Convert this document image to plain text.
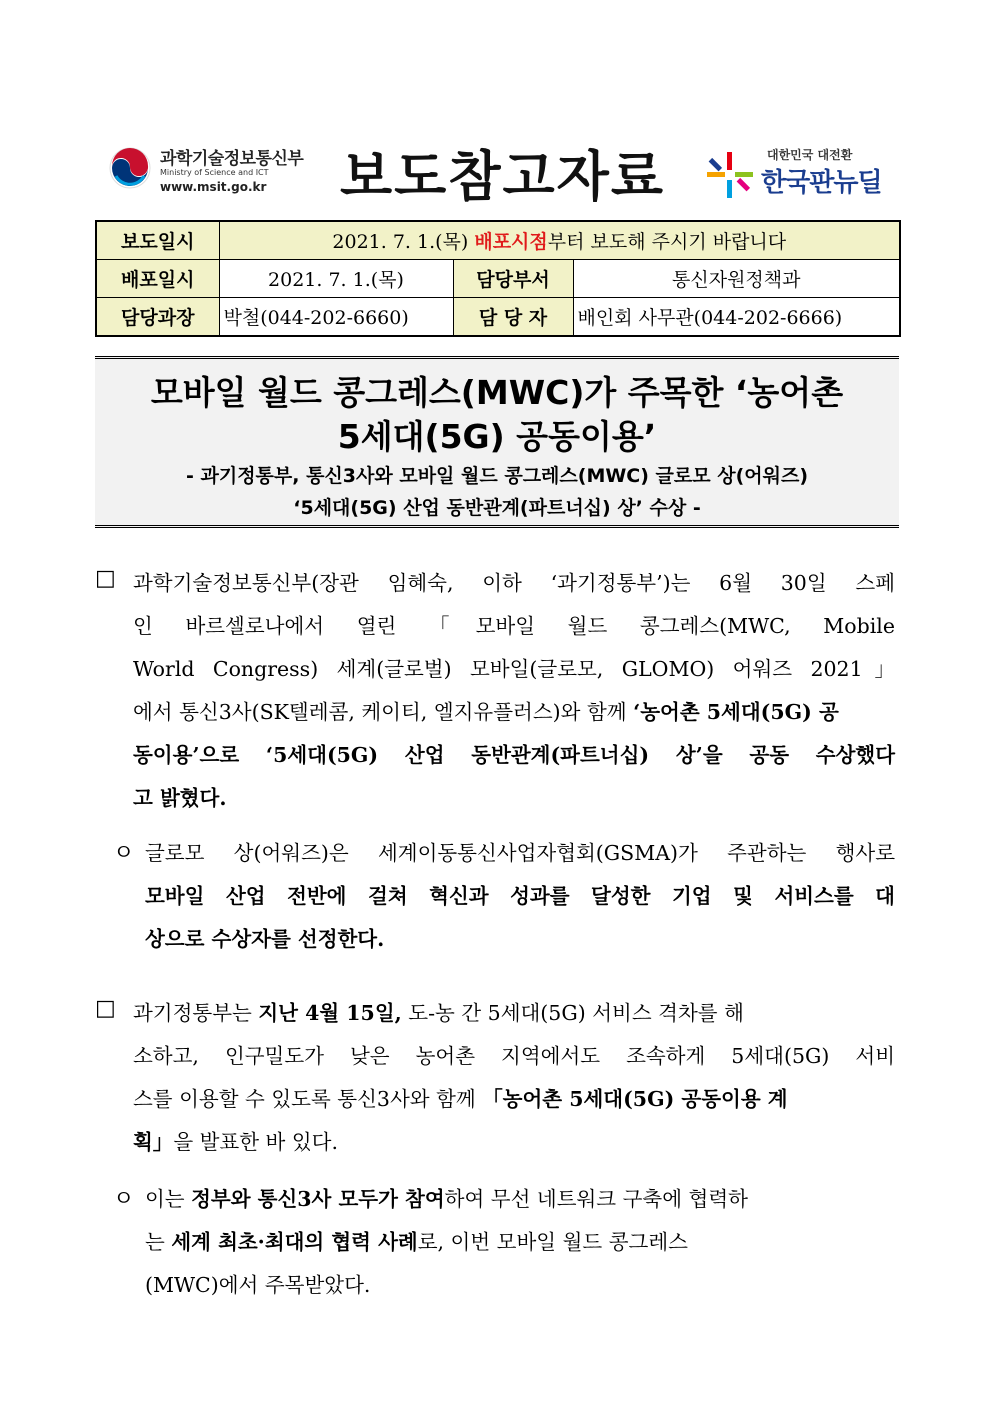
과학기술정보통신부
Ministry of Science and ICT
www.msit.go.kr 보도참고자료	대한민국 대전환
한국판뉴딜
보도일시	2021. 7. 1.(목) 배포시점부터 보도해 주시기 바랍니다		
배포일시	2021. 7. 1.(목)	담당부서	통신자원정책과
담당과장	박철(044-202-6660)	담 당 자	배인회 사무관(044-202-6666)
모바일 월드 콩그레스(MWC)가 주목한 ‘농어촌
5세대(5G) 공동이용’
- 과기정통부, 통신3사와 모바일 월드 콩그레스(MWC) 글로모 상(어워즈)
‘5세대(5G) 산업 동반관계(파트너십) 상’ 수상 -
□ 과학기술정보통신부(장관 임혜숙, 이하 ‘과기정통부’)는 6월 30일 스페
인 바르셀로나에서 열린 「모바일 월드 콩그레스(MWC, Mobile
World Congress) 세계(글로벌) 모바일(글로모, GLOMO) 어워즈 2021」
에서 통신3사(SK텔레콤, 케이티, 엘지유플러스)와 함께 ‘농어촌 5세대(5G) 공
동이용’으로 ‘5세대(5G) 산업 동반관계(파트너십) 상’을 공동 수상했다
고 밝혔다.
ㅇ 글로모 상(어워즈)은 세계이동통신사업자협회(GSMA)가 주관하는 행사로
모바일 산업 전반에 걸쳐 혁신과 성과를 달성한 기업 및 서비스를 대
상으로 수상자를 선정한다.
□ 과기정통부는 지난 4월 15일, 도-농 간 5세대(5G) 서비스 격차를 해
소하고, 인구밀도가 낮은 농어촌 지역에서도 조속하게 5세대(5G) 서비
스를 이용할 수 있도록 통신3사와 함께 「농어촌 5세대(5G) 공동이용 계
획」을 발표한 바 있다.
ㅇ 이는 정부와 통신3사 모두가 참여하여 무선 네트워크 구축에 협력하
는 세계 최초·최대의 협력 사례로, 이번 모바일 월드 콩그레스
(MWC)에서 주목받았다.
